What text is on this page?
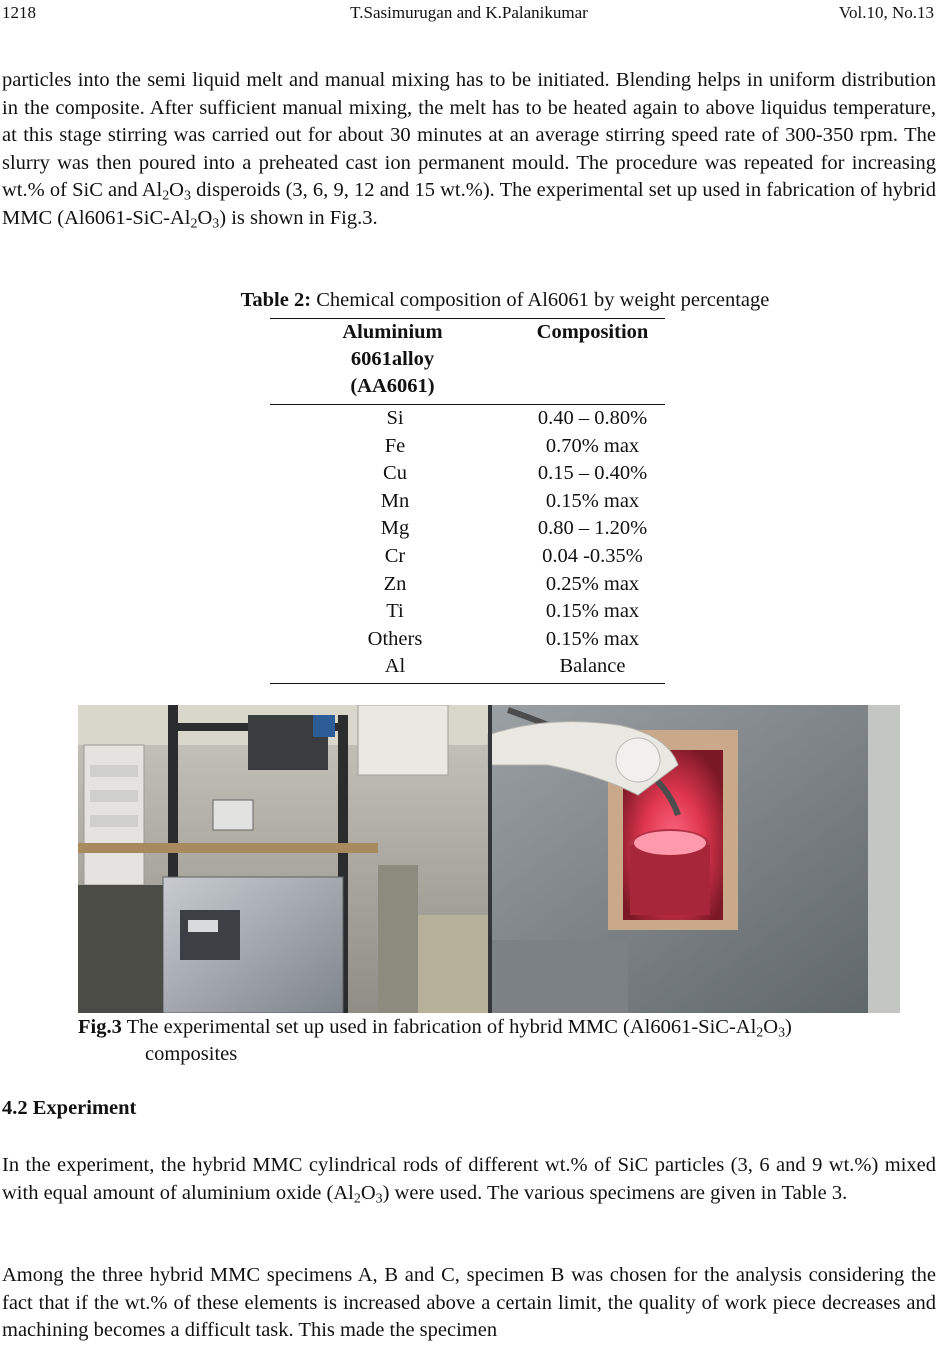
1218	T.Sasimurugan and K.Palanikumar	Vol.10, No.13

particles into the semi liquid melt and manual mixing has to be initiated. Blending helps in uniform distribution in the composite. After sufficient manual mixing, the melt has to be heated again to above liquidus temperature, at this stage stirring was carried out for about 30 minutes at an average stirring speed rate of 300-350 rpm. The slurry was then poured into a preheated cast ion permanent mould. The procedure was repeated for increasing wt.% of SiC and $Al_2O_3$ disperoids (3, 6, 9, 12 and 15 wt.%). The experimental set up used in fabrication of hybrid MMC $(Al6061-SiC-Al_2O_3)$ is shown in Fig.3.

Table 2: Chemical composition of Al6061 by weight percentage
Aluminium
6061alloy
(AA6061)	Composition
Si	0.40 – 0.80%
Fe	0.70% max
Cu	0.15 – 0.40%
Mn	0.15% max
Mg	0.80 – 1.20%
Cr	0.04 -0.35%
Zn	0.25% max
Ti	0.15% max
Others	0.15% max
Al	Balance
Fig.3 The experimental set up used in fabrication of hybrid MMC $(Al6061-SiC-Al_2O_3)$
composites
4.2 Experiment

In the experiment, the hybrid MMC cylindrical rods of different wt.% of SiC particles (3, 6 and 9 wt.%) mixed with equal amount of aluminium oxide $(Al_2O_3)$ were used. The various specimens are given in Table 3.

Among the three hybrid MMC specimens A, B and C, specimen B was chosen for the analysis considering the fact that if the wt.% of these elements is increased above a certain limit, the quality of work piece decreases and machining becomes a difficult task. This made the specimen
